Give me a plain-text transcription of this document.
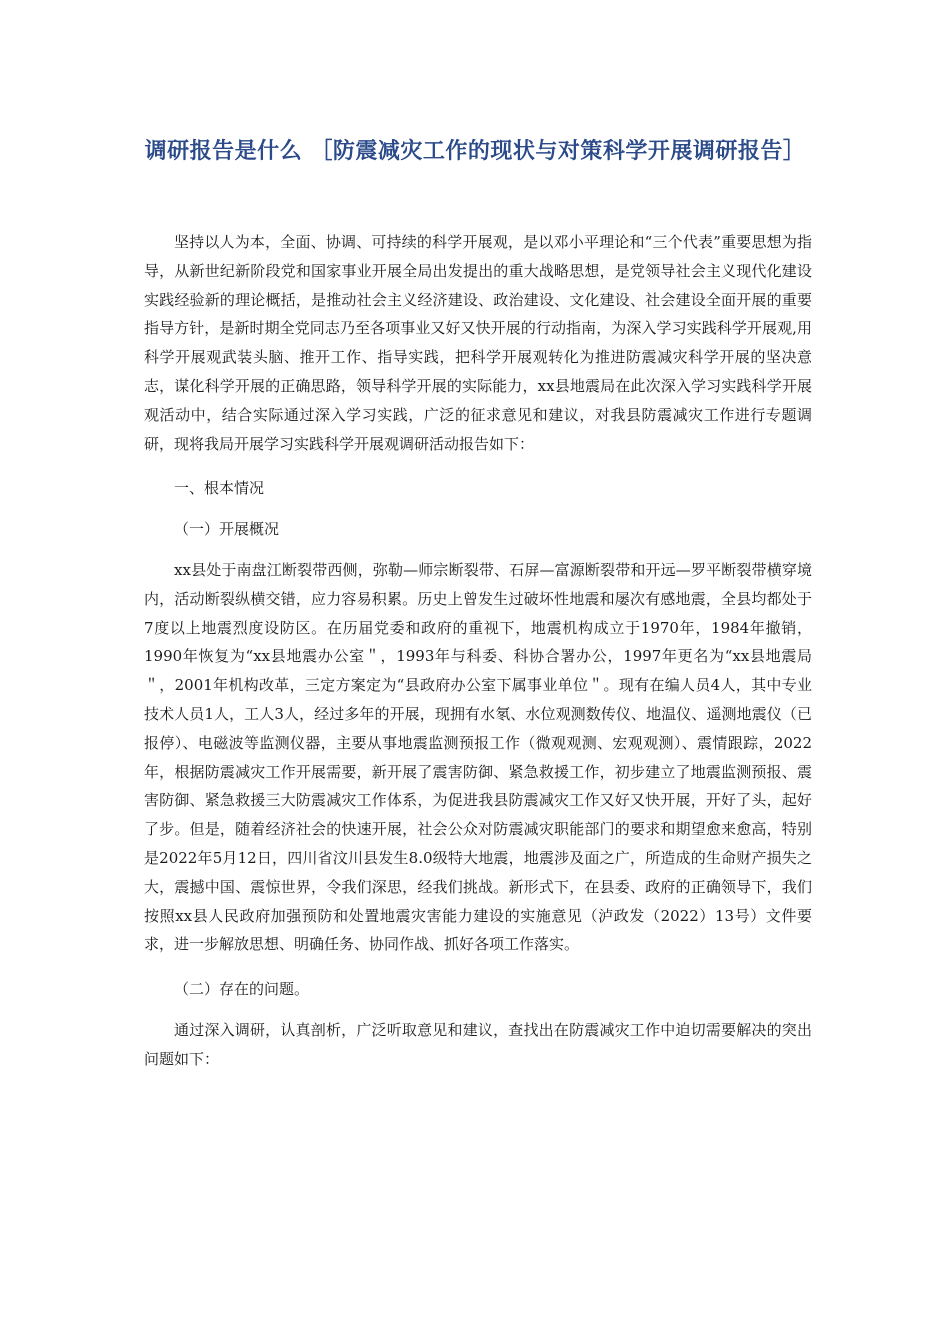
调研报告是什么 ［防震减灾工作的现状与对策科学开展调研报告］

坚持以人为本，全面、协调、可持续的科学开展观，是以邓小平理论和“三个代表”重要思想为指导，从新世纪新阶段党和国家事业开展全局出发提出的重大战略思想，是党领导社会主义现代化建设实践经验新的理论概括，是推动社会主义经济建设、政治建设、文化建设、社会建设全面开展的重要指导方针，是新时期全党同志乃至各项事业又好又快开展的行动指南，为深入学习实践科学开展观,用科学开展观武装头脑、推开工作、指导实践，把科学开展观转化为推进防震减灾科学开展的坚决意志，谋化科学开展的正确思路，领导科学开展的实际能力，xx县地震局在此次深入学习实践科学开展观活动中，结合实际通过深入学习实践，广泛的征求意见和建议，对我县防震减灾工作进行专题调研，现将我局开展学习实践科学开展观调研活动报告如下：

一、根本情况

（一）开展概况

xx县处于南盘江断裂带西侧，弥勒—师宗断裂带、石屏—富源断裂带和开远—罗平断裂带横穿境内，活动断裂纵横交错，应力容易积累。历史上曾发生过破坏性地震和屡次有感地震，全县均都处于7度以上地震烈度设防区。在历届党委和政府的重视下，地震机构成立于1970年，1984年撤销，1990年恢复为“xx县地震办公室＂，1993年与科委、科协合署办公，1997年更名为“xx县地震局＂，2001年机构改革，三定方案定为“县政府办公室下属事业单位＂。现有在编人员4人，其中专业技术人员1人，工人3人，经过多年的开展，现拥有水氡、水位观测数传仪、地温仪、遥测地震仪（已报停）、电磁波等监测仪器，主要从事地震监测预报工作（微观观测、宏观观测）、震情跟踪，2022年，根据防震减灾工作开展需要，新开展了震害防御、紧急救援工作，初步建立了地震监测预报、震害防御、紧急救援三大防震减灾工作体系，为促进我县防震减灾工作又好又快开展，开好了头，起好了步。但是，随着经济社会的快速开展，社会公众对防震减灾职能部门的要求和期望愈来愈高，特别是2022年5月12日，四川省汶川县发生8.0级特大地震，地震涉及面之广，所造成的生命财产损失之大，震撼中国、震惊世界，令我们深思，经我们挑战。新形式下，在县委、政府的正确领导下，我们按照xx县人民政府加强预防和处置地震灾害能力建设的实施意见（泸政发（2022）13号）文件要求，进一步解放思想、明确任务、协同作战、抓好各项工作落实。

（二）存在的问题。

通过深入调研，认真剖析，广泛听取意见和建议，查找出在防震减灾工作中迫切需要解决的突出问题如下：
